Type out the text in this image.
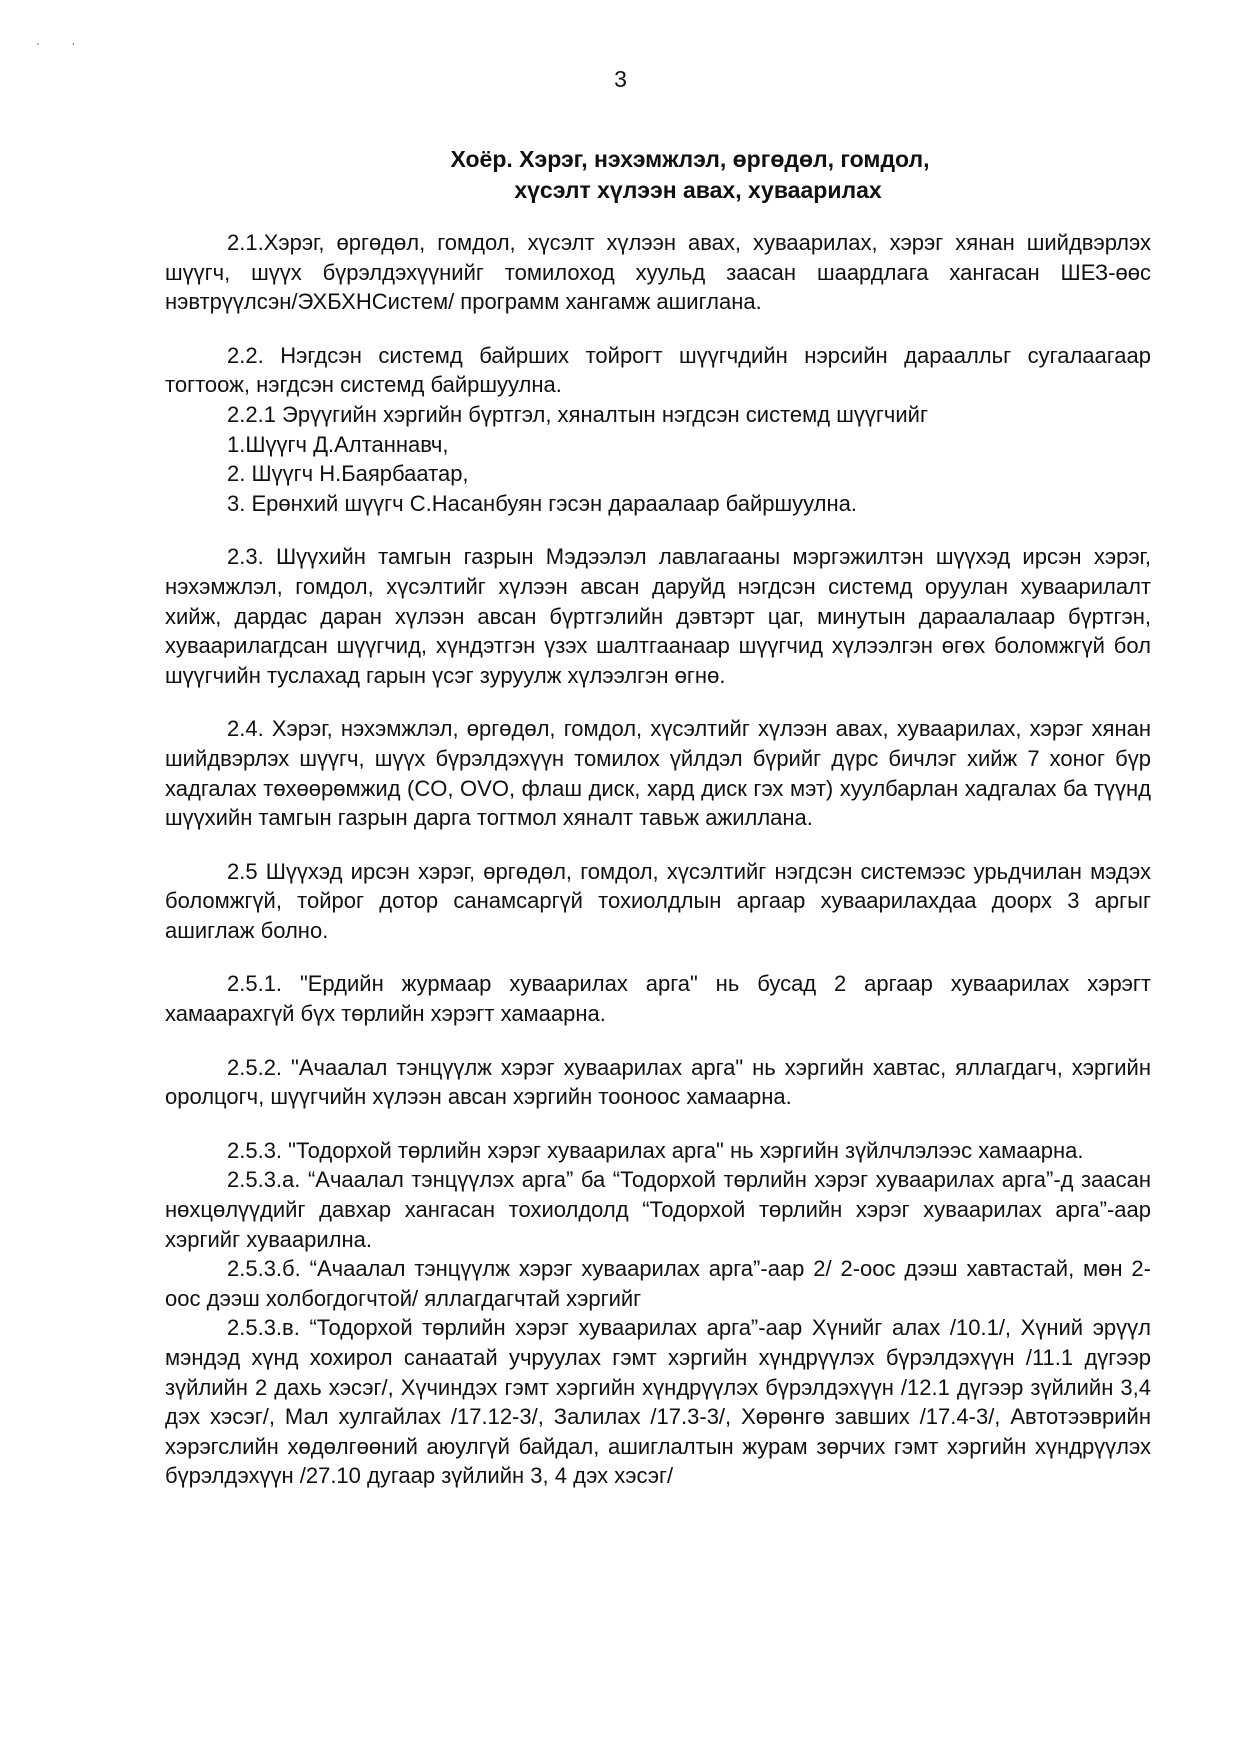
· ·
3
Хоёр. Хэрэг, нэхэмжлэл, өргөдөл, гомдол,
хүсэлт хүлээн авах, хуваарилах

2.1.Хэрэг, өргөдөл, гомдол, хүсэлт хүлээн авах, хуваарилах, хэрэг хянан шийдвэрлэх шүүгч, шүүх бүрэлдэхүүнийг томилоход хуульд заасан шаардлага хангасан ШЕЗ-өөс нэвтрүүлсэн/ЭХБХНСистем/ программ хангамж ашиглана.

2.2. Нэгдсэн системд байрших тойрогт шүүгчдийн нэрсийн дараалльг сугалаагаар тогтоож, нэгдсэн системд байршуулна.

2.2.1 Эрүүгийн хэргийн бүртгэл, хяналтын нэгдсэн системд шүүгчийг

1.Шүүгч Д.Алтаннавч,

2. Шүүгч Н.Баярбаатар,

3. Ерөнхий шүүгч С.Насанбуян гэсэн дараалаар байршуулна.

2.3. Шүүхийн тамгын газрын Мэдээлэл лавлагааны мэргэжилтэн шүүхэд ирсэн хэрэг, нэхэмжлэл, гомдол, хүсэлтийг хүлээн авсан даруйд нэгдсэн системд оруулан хуваарилалт хийж, дардас даран хүлээн авсан бүртгэлийн дэвтэрт цаг, минутын дараалалаар бүртгэн, хуваарилагдсан шүүгчид, хүндэтгэн үзэх шалтгаанаар шүүгчид хүлээлгэн өгөх боломжгүй бол шүүгчийн туслахад гарын үсэг зуруулж хүлээлгэн өгнө.

2.4. Хэрэг, нэхэмжлэл, өргөдөл, гомдол, хүсэлтийг хүлээн авах, хуваарилах, хэрэг хянан шийдвэрлэх шүүгч, шүүх бүрэлдэхүүн томилох үйлдэл бүрийг дүрс бичлэг хийж 7 хоног бүр хадгалах төхөөрөмжид (CO, OVO, флаш диск, хард диск гэх мэт) хуулбарлан хадгалах ба түүнд шүүхийн тамгын газрын дарга тогтмол хяналт тавьж ажиллана.

2.5 Шүүхэд ирсэн хэрэг, өргөдөл, гомдол, хүсэлтийг нэгдсэн системээс урьдчилан мэдэх боломжгүй, тойрог дотор санамсаргүй тохиолдлын аргаар хуваарилахдаа доорх 3 аргыг ашиглаж болно.

2.5.1. "Ердийн журмаар хуваарилах арга" нь бусад 2 аргаар хуваарилах хэрэгт хамаарахгүй бүх төрлийн хэрэгт хамаарна.

2.5.2. "Ачаалал тэнцүүлж хэрэг хуваарилах арга" нь хэргийн хавтас, яллагдагч, хэргийн оролцогч, шүүгчийн хүлээн авсан хэргийн тооноос хамаарна.

2.5.3. "Тодорхой төрлийн хэрэг хуваарилах арга" нь хэргийн зүйлчлэлээс хамаарна.

2.5.3.а. “Ачаалал тэнцүүлэх арга” ба “Тодорхой төрлийн хэрэг хуваарилах арга”-д заасан нөхцөлүүдийг давхар хангасан тохиолдолд “Тодорхой төрлийн хэрэг хуваарилах арга”-аар хэргийг хуваарилна.

2.5.3.б. “Ачаалал тэнцүүлж хэрэг хуваарилах арга”-аар 2/ 2-оос дээш хавтастай, мөн 2-оос дээш холбогдогчтой/ яллагдагчтай хэргийг

2.5.3.в. “Тодорхой төрлийн хэрэг хуваарилах арга”-аар Хүнийг алах /10.1/, Хүний эрүүл мэндэд хүнд хохирол санаатай учруулах гэмт хэргийн хүндрүүлэх бүрэлдэхүүн /11.1 дүгээр зүйлийн 2 дахь хэсэг/, Хүчиндэх гэмт хэргийн хүндрүүлэх бүрэлдэхүүн /12.1 дүгээр зүйлийн 3,4 дэх хэсэг/, Мал хулгайлах /17.12-3/, Залилах /17.3-3/, Хөрөнгө завших /17.4-3/, Автотээврийн хэрэгслийн хөдөлгөөний аюулгүй байдал, ашиглалтын журам зөрчих гэмт хэргийн хүндрүүлэх бүрэлдэхүүн /27.10 дугаар зүйлийн 3, 4 дэх хэсэг/
